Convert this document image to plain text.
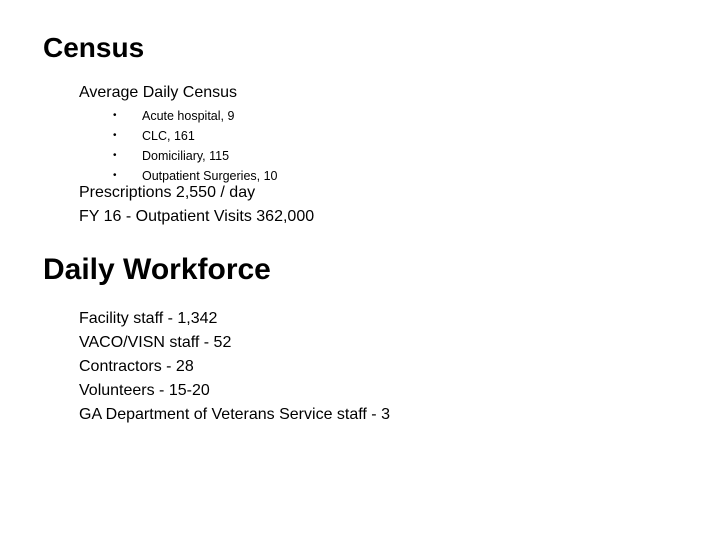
Census
Average Daily Census
• Acute hospital, 9
• CLC, 161
• Domiciliary, 115
• Outpatient Surgeries, 10
Prescriptions 2,550 / day
FY 16 - Outpatient Visits 362,000
Daily Workforce
Facility staff - 1,342
VACO/VISN staff - 52
Contractors - 28
Volunteers - 15-20
GA Department of Veterans Service staff - 3
